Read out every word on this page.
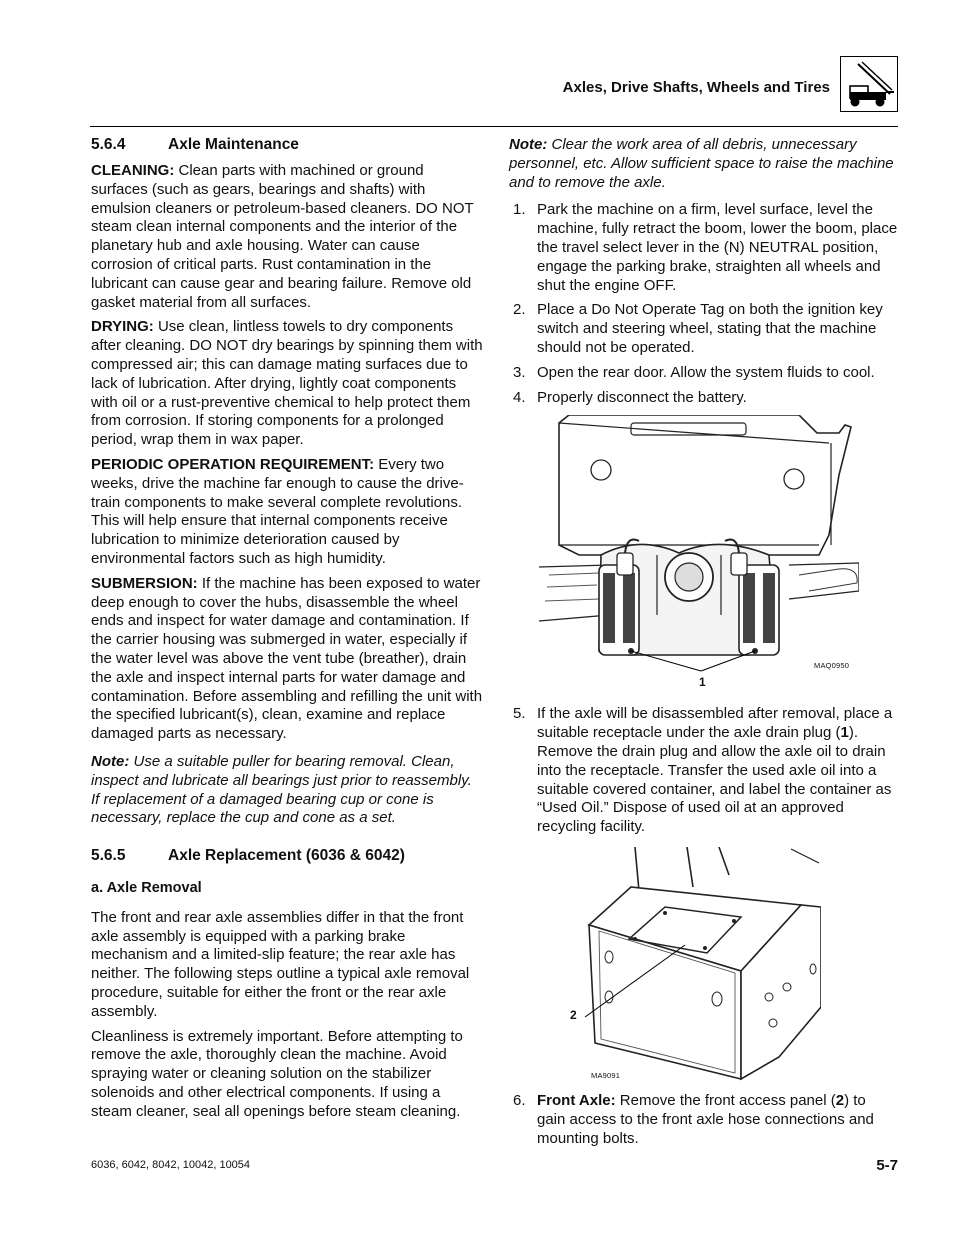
Axles, Drive Shafts, Wheels and Tires
5.6.4	Axle Maintenance

CLEANING: Clean parts with machined or ground surfaces (such as gears, bearings and shafts) with emulsion cleaners or petroleum-based cleaners. DO NOT steam clean internal components and the interior of the planetary hub and axle housing. Water can cause corrosion of critical parts. Rust contamination in the lubricant can cause gear and bearing failure. Remove old gasket material from all surfaces.

DRYING: Use clean, lintless towels to dry components after cleaning. DO NOT dry bearings by spinning them with compressed air; this can damage mating surfaces due to lack of lubrication. After drying, lightly coat components with oil or a rust-preventive chemical to help protect them from corrosion. If storing components for a prolonged period, wrap them in wax paper.

PERIODIC OPERATION REQUIREMENT: Every two weeks, drive the machine far enough to cause the drive-train components to make several complete revolutions. This will help ensure that internal components receive lubrication to minimize deterioration caused by environmental factors such as high humidity.

SUBMERSION: If the machine has been exposed to water deep enough to cover the hubs, disassemble the wheel ends and inspect for water damage and contamination. If the carrier housing was submerged in water, especially if the water level was above the vent tube (breather), drain the axle and inspect internal parts for water damage and contamination. Before assembling and refilling the unit with the specified lubricant(s), clean, examine and replace damaged parts as necessary.

Note: Use a suitable puller for bearing removal. Clean, inspect and lubricate all bearings just prior to reassembly. If replacement of a damaged bearing cup or cone is necessary, replace the cup and cone as a set.

5.6.5	Axle Replacement (6036 & 6042)
a. Axle Removal

The front and rear axle assemblies differ in that the front axle assembly is equipped with a parking brake mechanism and a limited-slip feature; the rear axle has neither. The following steps outline a typical axle removal procedure, suitable for either the front or the rear axle assembly.

Cleanliness is extremely important. Before attempting to remove the axle, thoroughly clean the machine. Avoid spraying water or cleaning solution on the stabilizer solenoids and other electrical components. If using a steam cleaner, seal all openings before steam cleaning.

Note: Clear the work area of all debris, unnecessary personnel, etc. Allow sufficient space to raise the machine and to remove the axle.

1. Park the machine on a firm, level surface, level the machine, fully retract the boom, lower the boom, place the travel select lever in the (N) NEUTRAL position, engage the parking brake, straighten all wheels and shut the engine OFF.
2. Place a Do Not Operate Tag on both the ignition key switch and steering wheel, stating that the machine should not be operated.
3. Open the rear door. Allow the system fluids to cool.
4. Properly disconnect the battery.
MAQ0950
1
5. If the axle will be disassembled after removal, place a suitable receptacle under the axle drain plug (1). Remove the drain plug and allow the axle oil to drain into the receptacle. Transfer the used axle oil into a suitable covered container, and label the container as “Used Oil.” Dispose of used oil at an approved recycling facility.
2
MA9091
6. Front Axle: Remove the front access panel (2) to gain access to the front axle hose connections and mounting bolts.
6036, 6042, 8042, 10042, 10054	5-7
